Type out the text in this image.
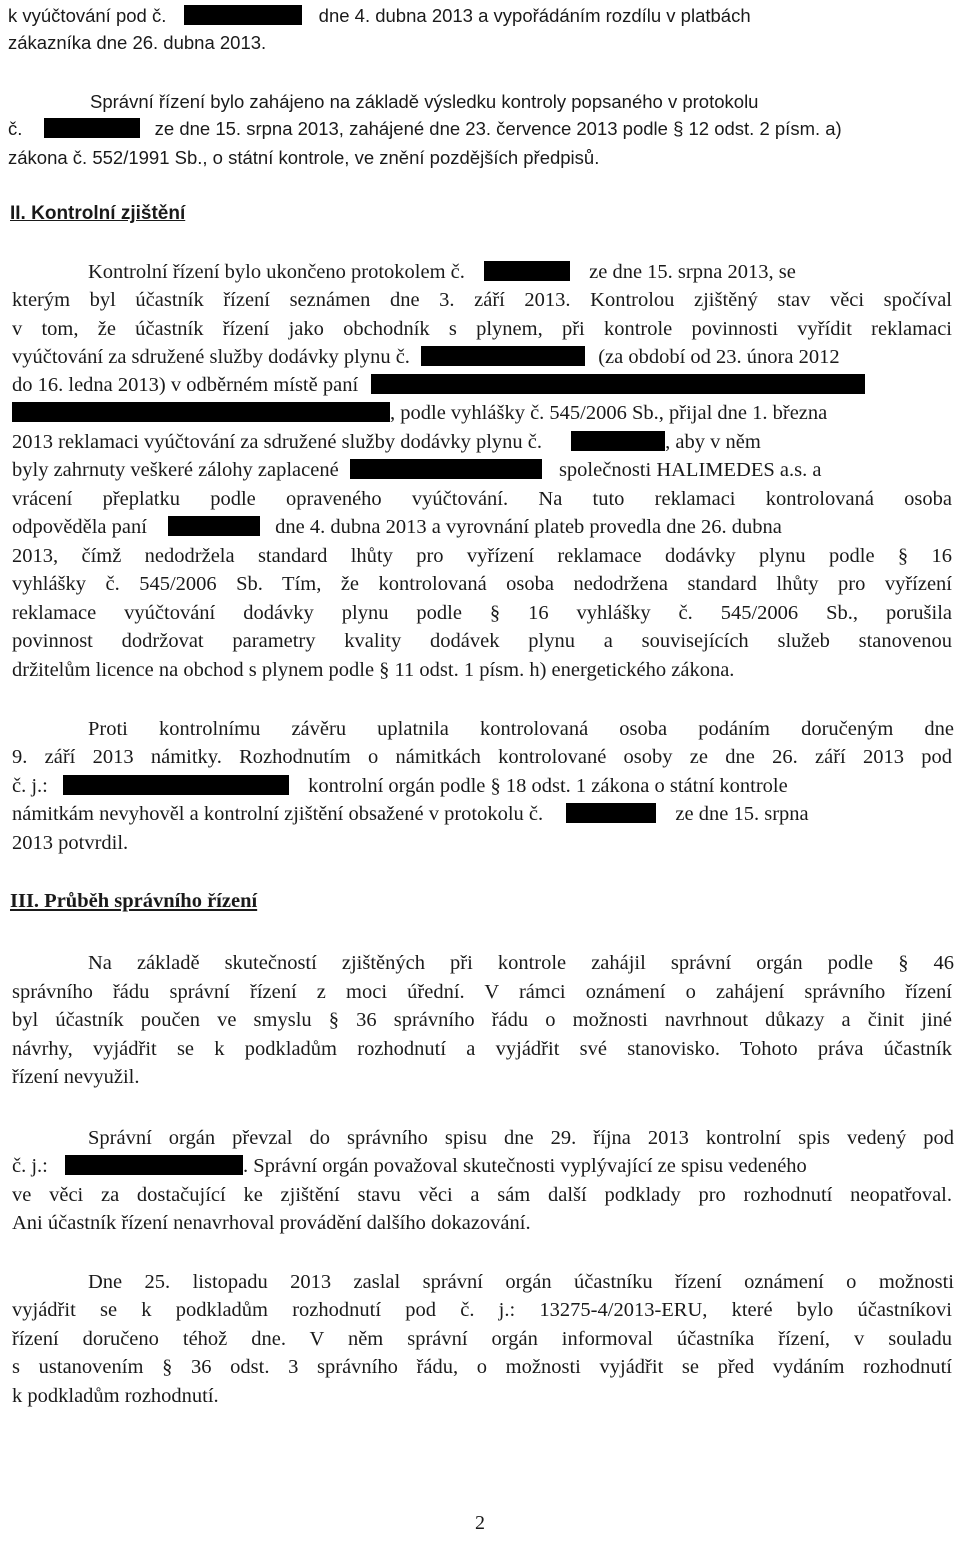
k vyúčtování pod č.	dne 4. dubna 2013 a vypořádáním rozdílu v platbách
zákazníka dne 26. dubna 2013.
Správní řízení bylo zahájeno na základě výsledku kontroly popsaného v protokolu
č.	ze dne 15. srpna 2013, zahájené dne 23. července 2013 podle § 12 odst. 2 písm. a)
zákona č. 552/1991 Sb., o státní kontrole, ve znění pozdějších předpisů.
II. Kontrolní zjištění
Kontrolní řízení bylo ukončeno protokolem č.	ze dne 15. srpna 2013, se
kterým byl účastník řízení seznámen dne 3. září 2013. Kontrolou zjištěný stav věci spočíval
v tom, že účastník řízení jako obchodník s plynem, při kontrole povinnosti vyřídit reklamaci
vyúčtování za sdružené služby dodávky plynu č.	(za období od 23. února 2012
do 16. ledna 2013) v odběrném místě paní
, podle vyhlášky č. 545/2006 Sb., přijal dne 1. března
2013 reklamaci vyúčtování za sdružené služby dodávky plynu č.	, aby v něm
byly zahrnuty veškeré zálohy zaplacené	společnosti HALIMEDES a.s. a
vrácení přeplatku podle opraveného vyúčtování. Na tuto reklamaci kontrolovaná osoba
odpověděla paní	dne 4. dubna 2013 a vyrovnání plateb provedla dne 26. dubna
2013, čímž nedodržela standard lhůty pro vyřízení reklamace dodávky plynu podle § 16
vyhlášky č. 545/2006 Sb. Tím, že kontrolovaná osoba nedodržena standard lhůty pro vyřízení
reklamace vyúčtování dodávky plynu podle § 16 vyhlášky č. 545/2006 Sb., porušila
povinnost dodržovat parametry kvality dodávek plynu a souvisejících služeb stanovenou
držitelům licence na obchod s plynem podle § 11 odst. 1 písm. h) energetického zákona.
Proti kontrolnímu závěru uplatnila kontrolovaná osoba podáním doručeným dne
9. září 2013 námitky. Rozhodnutím o námitkách kontrolované osoby ze dne 26. září 2013 pod
č. j.:	kontrolní orgán podle § 18 odst. 1 zákona o státní kontrole
námitkám nevyhověl a kontrolní zjištění obsažené v protokolu č.	ze dne 15. srpna
2013 potvrdil.
III. Průběh správního řízení
Na základě skutečností zjištěných při kontrole zahájil správní orgán podle § 46
správního řádu správní řízení z moci úřední. V rámci oznámení o zahájení správního řízení
byl účastník poučen ve smyslu § 36 správního řádu o možnosti navrhnout důkazy a činit jiné
návrhy, vyjádřit se k podkladům rozhodnutí a vyjádřit své stanovisko. Tohoto práva účastník
řízení nevyužil.
Správní orgán převzal do správního spisu dne 29. října 2013 kontrolní spis vedený pod
č. j.:	. Správní orgán považoval skutečnosti vyplývající ze spisu vedeného
ve věci za dostačující ke zjištění stavu věci a sám další podklady pro rozhodnutí neopatřoval.
Ani účastník řízení nenavrhoval provádění dalšího dokazování.
Dne 25. listopadu 2013 zaslal správní orgán účastníku řízení oznámení o možnosti
vyjádřit se k podkladům rozhodnutí pod č. j.: 13275-4/2013-ERU, které bylo účastníkovi
řízení doručeno téhož dne. V něm správní orgán informoval účastníka řízení, v souladu
s ustanovením § 36 odst. 3 správního řádu, o možnosti vyjádřit se před vydáním rozhodnutí
k podkladům rozhodnutí.
2
